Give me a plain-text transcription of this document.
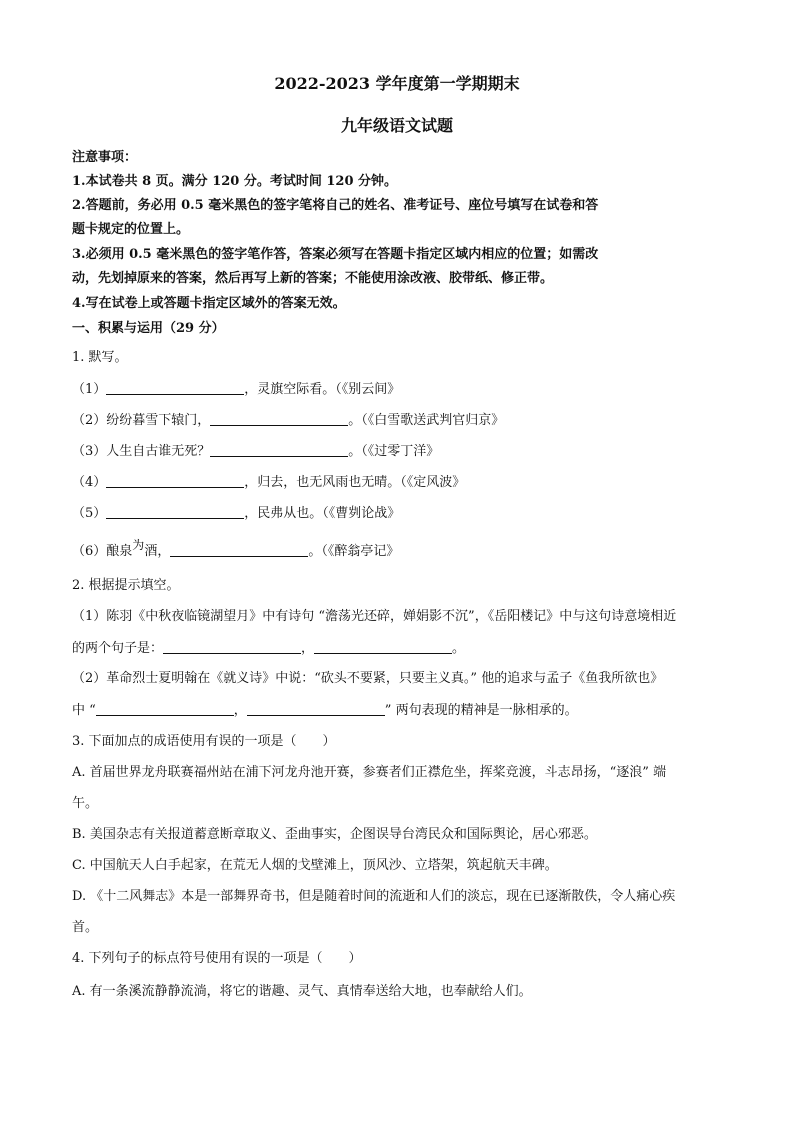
2022-2023 学年度第一学期期末
九年级语文试题
注意事项：
1.本试卷共 8 页。满分 120 分。考试时间 120 分钟。
2.答题前，务必用 0.5 毫米黑色的签字笔将自己的姓名、准考证号、座位号填写在试卷和答
题卡规定的位置上。
3.必须用 0.5 毫米黑色的签字笔作答，答案必须写在答题卡指定区域内相应的位置；如需改
动，先划掉原来的答案，然后再写上新的答案；不能使用涂改液、胶带纸、修正带。
4.写在试卷上或答题卡指定区域外的答案无效。
一、积累与运用（29 分）
1. 默写。
（1）	，灵旗空际看。（《别云间》
（2）纷纷暮雪下辕门，	。（《白雪歌送武判官归京》
（3）人生自古谁无死？	。（《过零丁洋》
（4）	，归去，也无风雨也无晴。（《定风波》
（5）	，民弗从也。（《曹刿论战》
（6）酿泉为酒，	。（《醉翁亭记》
2. 根据提示填空。
（1）陈羽《中秋夜临镜湖望月》中有诗句 “澹荡光还碎，婵娟影不沉”，《岳阳楼记》中与这句诗意境相近
的两个句子是：	，	。
（2）革命烈士夏明翰在《就义诗》中说：“砍头不要紧，只要主义真。” 他的追求与孟子《鱼我所欲也》
中 “	，	” 两句表现的精神是一脉相承的。
3. 下面加点的成语使用有误的一项是（　　）
A. 首届世界龙舟联赛福州站在浦下河龙舟池开赛，参赛者们正襟危坐，挥桨竞渡，斗志昂扬，“逐浪” 端
午。
B. 美国杂志有关报道蓄意断章取义、歪曲事实，企图误导台湾民众和国际舆论，居心邪恶。
C. 中国航天人白手起家，在荒无人烟的戈壁滩上，顶风沙、立塔架，筑起航天丰碑。
D. 《十二风舞志》本是一部舞界奇书，但是随着时间的流逝和人们的淡忘，现在已逐渐散佚，令人痛心疾
首。
4. 下列句子的标点符号使用有误的一项是（　　）
A. 有一条溪流静静流淌，将它的谐趣、灵气、真情奉送给大地，也奉献给人们。
